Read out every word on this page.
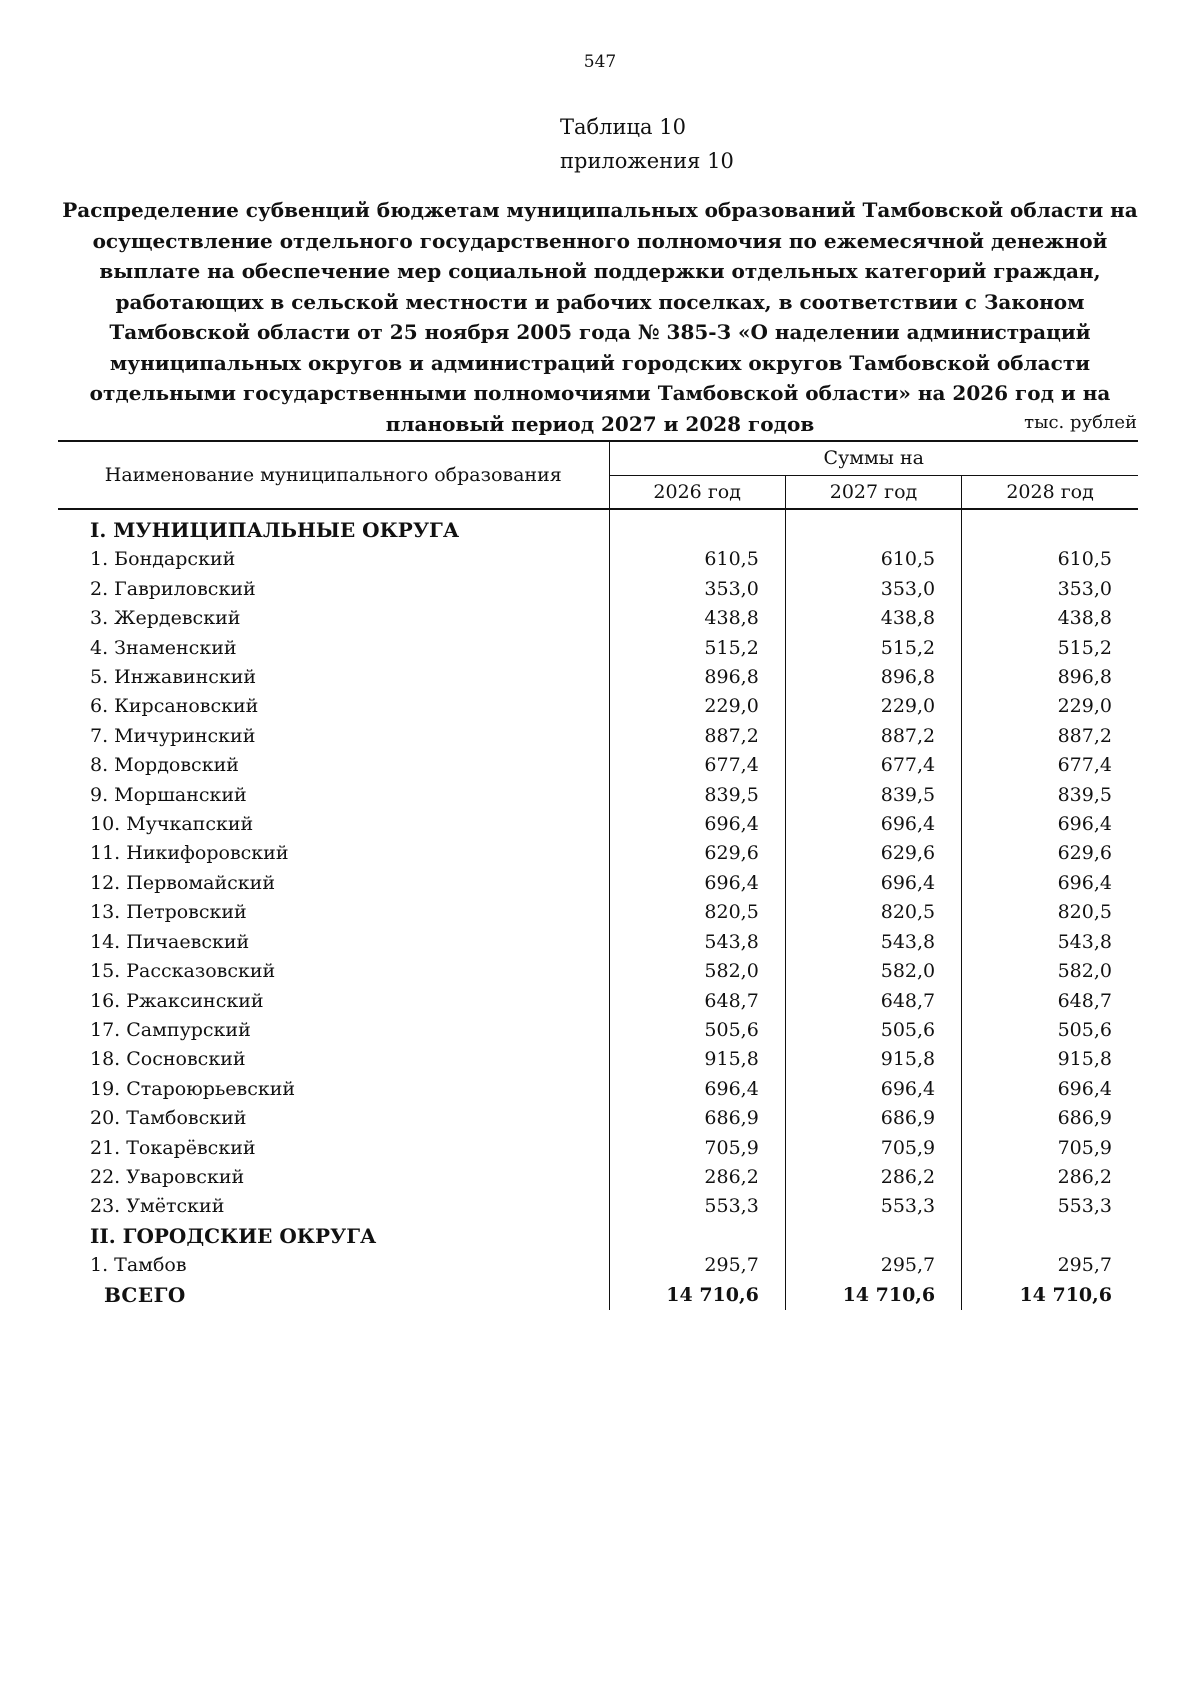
547
Таблица 10
приложения 10
Распределение субвенций бюджетам муниципальных образований Тамбовской области на осуществление отдельного государственного полномочия по ежемесячной денежной выплате на обеспечение мер социальной поддержки отдельных категорий граждан, работающих в сельской местности и рабочих поселках, в соответствии с Законом Тамбовской области от 25 ноября 2005 года № 385-З «О наделении администраций муниципальных округов и администраций городских округов Тамбовской области отдельными государственными полномочиями Тамбовской области» на 2026 год и на плановый период 2027 и 2028 годов	тыс. рублей
Наименование муниципального образования	Суммы на		
	2026 год	2027 год	2028 год
I. МУНИЦИПАЛЬНЫЕ ОКРУГА			
1. Бондарский	610,5	610,5	610,5
2. Гавриловский	353,0	353,0	353,0
3. Жердевский	438,8	438,8	438,8
4. Знаменский	515,2	515,2	515,2
5. Инжавинский	896,8	896,8	896,8
6. Кирсановский	229,0	229,0	229,0
7. Мичуринский	887,2	887,2	887,2
8. Мордовский	677,4	677,4	677,4
9. Моршанский	839,5	839,5	839,5
10. Мучкапский	696,4	696,4	696,4
11. Никифоровский	629,6	629,6	629,6
12. Первомайский	696,4	696,4	696,4
13. Петровский	820,5	820,5	820,5
14. Пичаевский	543,8	543,8	543,8
15. Рассказовский	582,0	582,0	582,0
16. Ржаксинский	648,7	648,7	648,7
17. Сампурский	505,6	505,6	505,6
18. Сосновский	915,8	915,8	915,8
19. Староюрьевский	696,4	696,4	696,4
20. Тамбовский	686,9	686,9	686,9
21. Токарёвский	705,9	705,9	705,9
22. Уваровский	286,2	286,2	286,2
23. Умётский	553,3	553,3	553,3
II. ГОРОДСКИЕ ОКРУГА			
1. Тамбов	295,7	295,7	295,7
ВСЕГО	14 710,6	14 710,6	14 710,6
